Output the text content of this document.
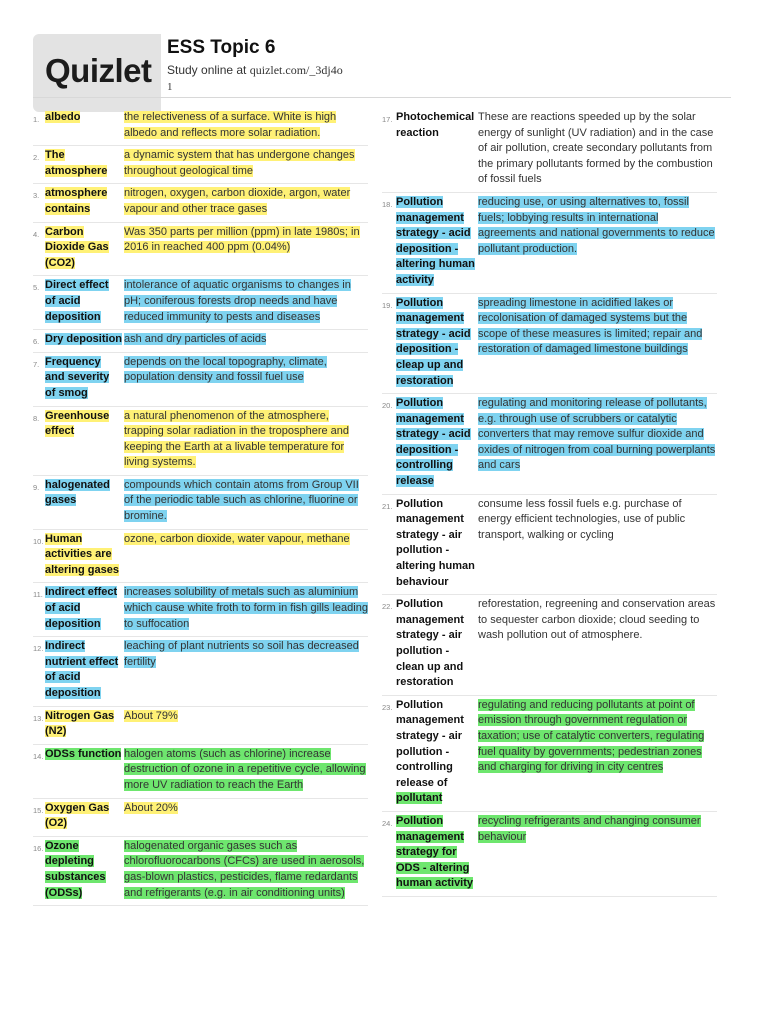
Quizlet
ESS Topic 6
Study online at quizlet.com/_3dj4o
1
1. albedo	the relectiveness of a surface. White is high albedo and reflects more solar radiation.
2. The atmosphere
a dynamic system that has undergone changes throughout geological time
3. atmosphere contains
nitrogen, oxygen, carbon dioxide, argon, water vapour and other trace gases
4. Carbon Dioxide Gas (CO2)
Was 350 parts per million (ppm) in late 1980s; in 2016 in reached 400 ppm (0.04%)
5. Direct effect of acid deposition
intolerance of aquatic organisms to changes in pH; coniferous forests drop needs and have reduced immunity to pests and diseases
6. Dry deposition ash and dry particles of acids
7. Frequency and severity of smog
depends on the local topography, climate, population density and fossil fuel use
8. Greenhouse effect
a natural phenomenon of the atmosphere, trapping solar radiation in the troposphere and keeping the Earth at a livable temperature for living systems.
9. halogenated gases
compounds which contain atoms from Group VII of the periodic table such as chlorine, fluorine or bromine.
10. Human activities are altering gases
ozone, carbon dioxide, water vapour, methane
11. Indirect effect of acid deposition
increases solubility of metals such as aluminium which cause white froth to form in fish gills leading to suffocation
12. Indirect nutrient effect of acid deposition
leaching of plant nutrients so soil has decreased fertility
13. Nitrogen Gas (N2)
About 79%
14. ODSs function halogen atoms (such as chlorine) increase destruction of ozone in a repetitive cycle, allowing more UV radiation to reach the Earth
15. Oxygen Gas (O2)
About 20%
16. Ozone depleting substances (ODSs)
halogenated organic gases such as chlorofluorocarbons (CFCs) are used in aerosols, gas-blown plastics, pesticides, flame redardants and refrigerants (e.g. in air conditioning units)
17. Photochemical reaction
These are reactions speeded up by the solar energy of sunlight (UV radiation) and in the case of air pollution, create secondary pollutants from the primary pollutants formed by the combustion of fossil fuels
18. Pollution management strategy - acid deposition - altering human activity
reducing use, or using alternatives to, fossil fuels; lobbying results in international agreements and national governments to reduce pollutant production.
19. Pollution management strategy - acid deposition - cleap up and restoration
spreading limestone in acidified lakes or recolonisation of damaged systems but the scope of these measures is limited; repair and restoration of damaged limestone buildings
20. Pollution management strategy - acid deposition - controlling release
regulating and monitoring release of pollutants, e.g. through use of scrubbers or catalytic converters that may remove sulfur dioxide and oxides of nitrogen from coal burning powerplants and cars
21. Pollution management strategy - air pollution - altering human behaviour
consume less fossil fuels e.g. purchase of energy efficient technologies, use of public transport, walking or cycling
22. Pollution management strategy - air pollution - clean up and restoration
reforestation, regreening and conservation areas to sequester carbon dioxide; cloud seeding to wash pollution out of atmosphere.
23. Pollution management strategy - air pollution - controlling release of pollutant
regulating and reducing pollutants at point of emission through government regulation or taxation; use of catalytic converters, regulating fuel quality by governments; pedestrian zones and charging for driving in city centres
24. Pollution management strategy for ODS - altering human activity
recycling refrigerants and changing consumer behaviour
